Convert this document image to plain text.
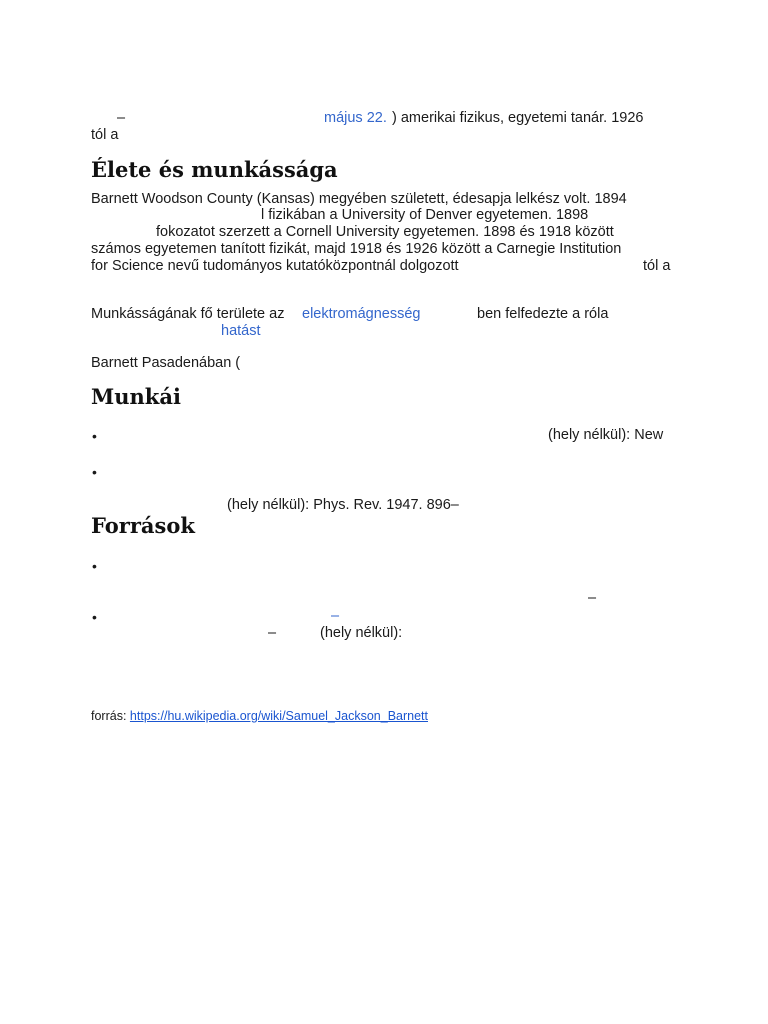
–	május 22. ) amerikai fizikus, egyetemi tanár. 1926
tól a
Élete és munkássága
Barnett Woodson County (Kansas) megyében született, édesapja lelkész volt. 1894
l fizikában a University of Denver egyetemen. 1898
fokozatot szerzett a Cornell University egyetemen. 1898 és 1918 között
számos egyetemen tanított fizikát, majd 1918 és 1926 között a Carnegie Institution
for Science nevű tudományos kutatóközpontnál dolgozott	tól a
Munkásságának fő területe az elektromágnesség	ben felfedezte a róla
hatást
Barnett Pasadenában (
Munkái
•	(hely nélkül): New
•
(hely nélkül): Phys. Rev. 1947. 896–
Források
•
–
•	–
–	(hely nélkül):
forrás: https://hu.wikipedia.org/wiki/Samuel_Jackson_Barnett
